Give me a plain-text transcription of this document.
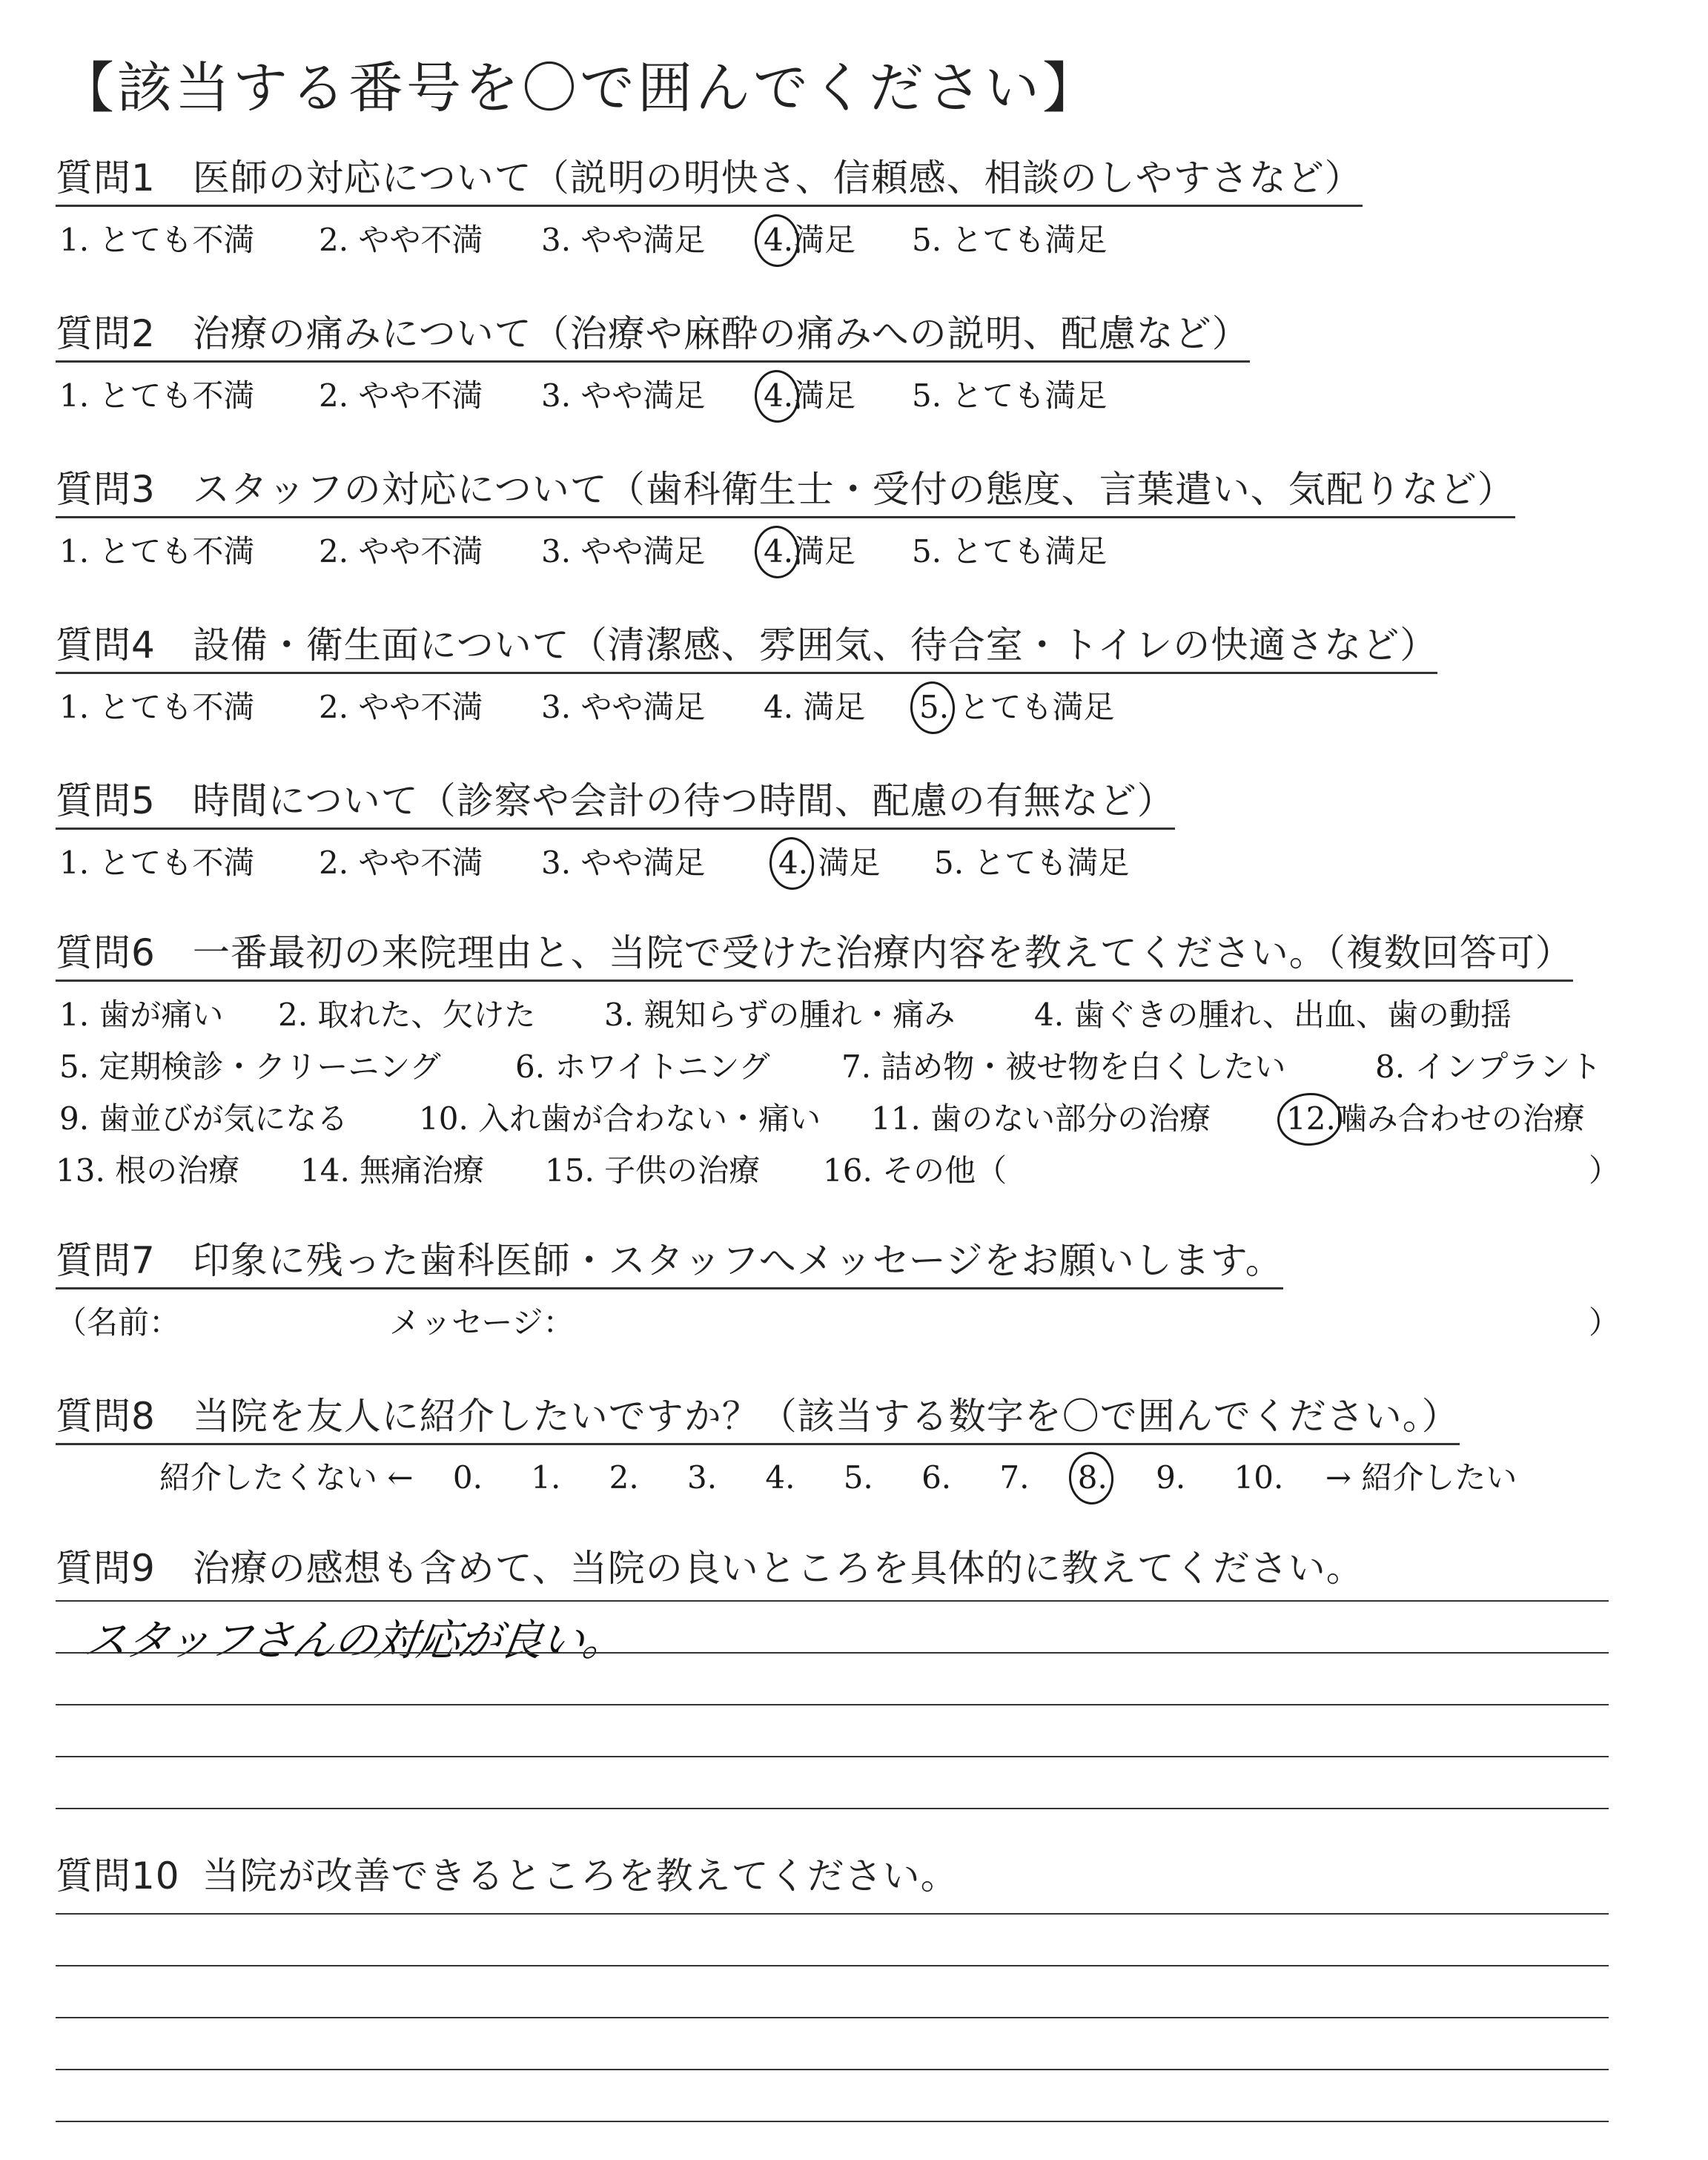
【該当する番号を〇で囲んでください】
質問1 医師の対応について（説明の明快さ、信頼感、相談のしやすさなど）
1. とても不満 2. やや不満 3. やや満足 4.
満足 5. とても満足
質問2 治療の痛みについて（治療や麻酔の痛みへの説明、配慮など）
1. とても不満 2. やや不満 3. やや満足 4.
満足 5. とても満足
質問3 スタッフの対応について（歯科衛生士・受付の態度、言葉遣い、気配りなど）
1. とても不満 2. やや不満 3. やや満足 4.
満足 5. とても満足
質問4 設備・衛生面について（清潔感、雰囲気、待合室・トイレの快適さなど）
1. とても不満 2. やや不満 3. やや満足 4. 満足 5. とても満足
質問5 時間について（診察や会計の待つ時間、配慮の有無など）
1. とても不満 2. やや不満 3. やや満足 4. 満足 5. とても満足
質問6 一番最初の来院理由と、当院で受けた治療内容を教えてください。（複数回答可）
1. 歯が痛い 2. 取れた、欠けた 3. 親知らずの腫れ・痛み	4. 歯ぐきの腫れ、出血、歯の動揺
5. 定期検診・クリーニング 6. ホワイトニング 7. 詰め物・被せ物を白くしたい	8. インプラント
9. 歯並びが気になる 10. 入れ歯が合わない・痛い 11. 歯のない部分の治療 12.
噛み合わせの治療
13. 根の治療 14. 無痛治療 15. 子供の治療 16. その他（	）
質問7 印象に残った歯科医師・スタッフへメッセージをお願いします。
（名前：	メッセージ：	）
質問8 当院を友人に紹介したいですか？（該当する数字を〇で囲んでください。）
紹介したくない ← 0. 1. 2. 3. 4. 5. 6. 7. 8. 9. 10. → 紹介したい
質問9 治療の感想も含めて、当院の良いところを具体的に教えてください。
スタッフさんの対応が良い。
質問10 当院が改善できるところを教えてください。
